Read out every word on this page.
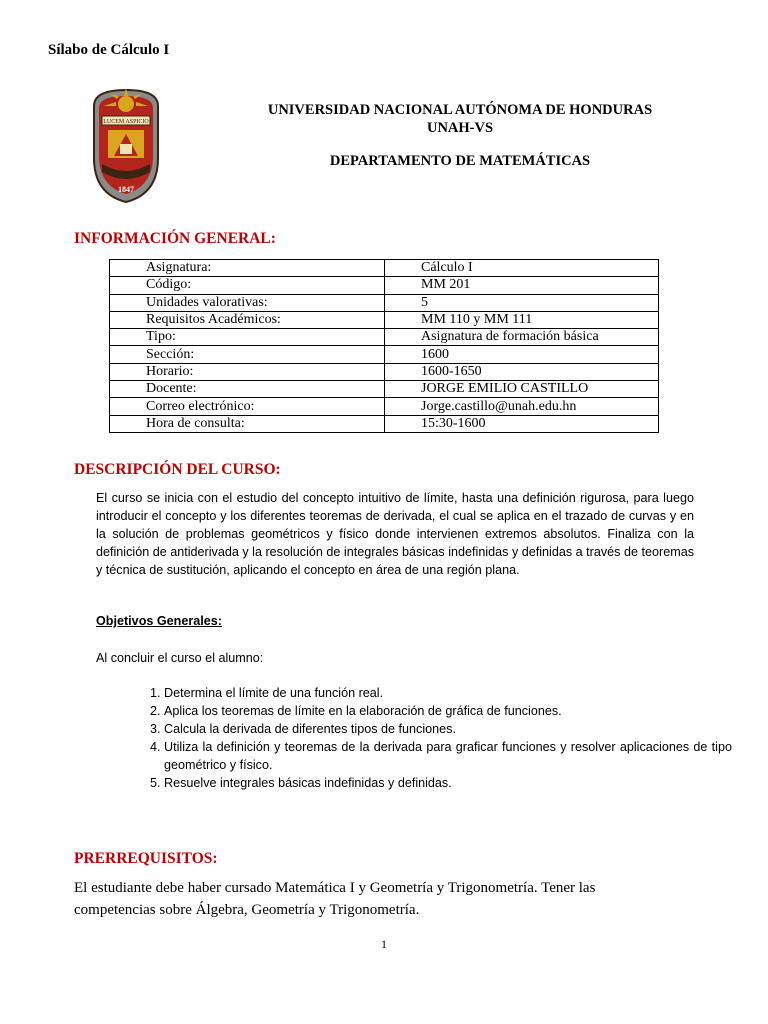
Sílabo de Cálculo I
LUCEM ASPICIO
1847
UNIVERSIDAD NACIONAL AUTÓNOMA DE HONDURAS
UNAH-VS
DEPARTAMENTO DE MATEMÁTICAS
INFORMACIÓN GENERAL:
Asignatura:	Cálculo I
Código:	MM 201
Unidades valorativas:	5
Requisitos Académicos:	MM 110 y MM 111
Tipo:	Asignatura de formación básica
Sección:	1600
Horario:	1600-1650
Docente:	JORGE EMILIO CASTILLO
Correo electrónico:	Jorge.castillo@unah.edu.hn
Hora de consulta:	15:30-1600
DESCRIPCIÓN DEL CURSO:
El curso se inicia con el estudio del concepto intuitivo de límite, hasta una definición rigurosa, para luego introducir el concepto y los diferentes teoremas de derivada, el cual se aplica en el trazado de curvas y en la solución de problemas geométricos y físico donde intervienen extremos absolutos. Finaliza con la definición de antiderivada y la resolución de integrales básicas indefinidas y definidas a través de teoremas y técnica de sustitución, aplicando el concepto en área de una región plana.
Objetivos Generales:
Al concluir el curso el alumno:
1. Determina el límite de una función real.
2. Aplica los teoremas de límite en la elaboración de gráfica de funciones.
3. Calcula la derivada de diferentes tipos de funciones.
4. Utiliza la definición y teoremas de la derivada para graficar funciones y resolver aplicaciones de tipo geométrico y físico.
5. Resuelve integrales básicas indefinidas y definidas.
PRERREQUISITOS:
El estudiante debe haber cursado Matemática I y Geometría y Trigonometría. Tener las competencias sobre Álgebra, Geometría y Trigonometría.
1
